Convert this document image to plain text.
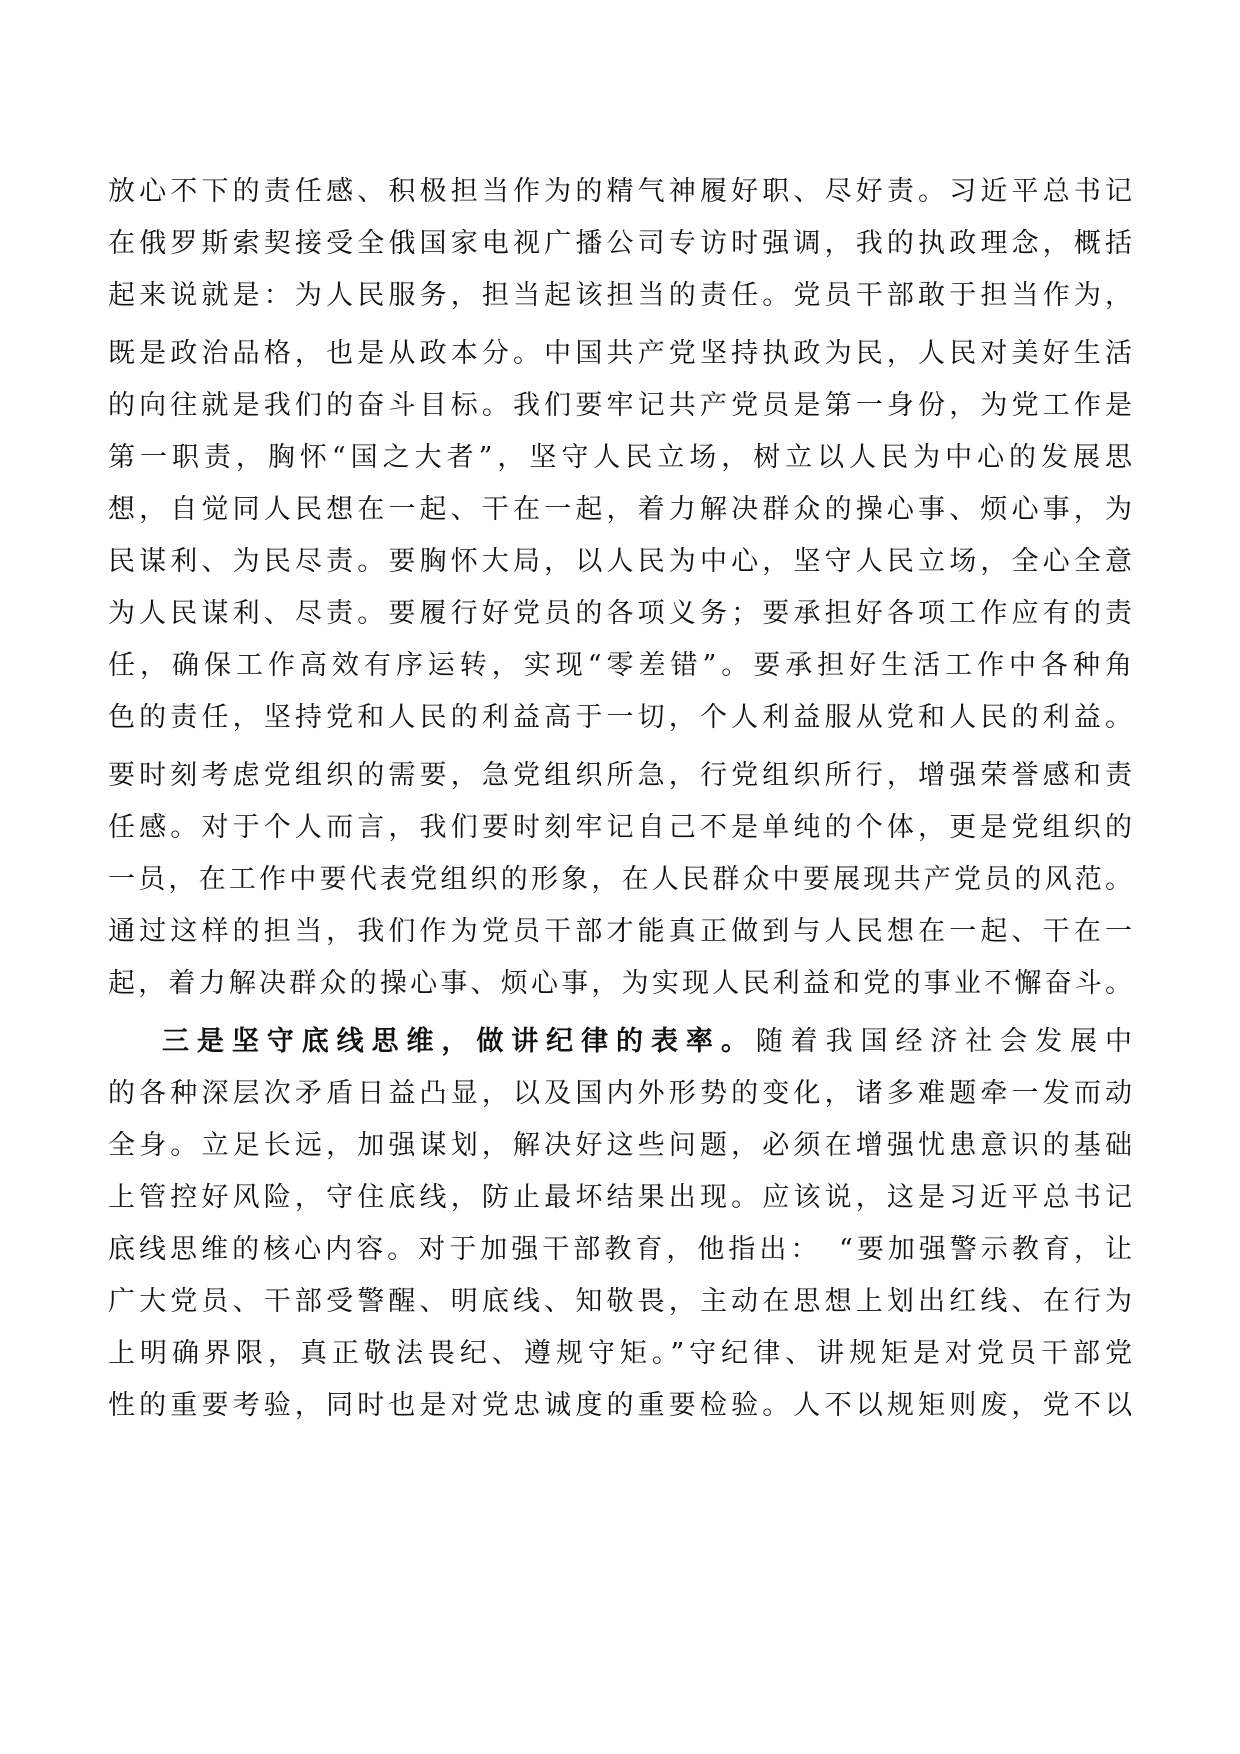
放心不下的责任感、积极担当作为的精气神履好职、尽好责。习近平总书记
在俄罗斯索契接受全俄国家电视广播公司专访时强调，我的执政理念，概括
起来说就是：为人民服务，担当起该担当的责任。党员干部敢于担当作为，
既是政治品格，也是从政本分。中国共产党坚持执政为民，人民对美好生活
的向往就是我们的奋斗目标。我们要牢记共产党员是第一身份，为党工作是
第一职责，胸怀“国之大者”，坚守人民立场，树立以人民为中心的发展思
想，自觉同人民想在一起、干在一起，着力解决群众的操心事、烦心事，为
民谋利、为民尽责。要胸怀大局，以人民为中心，坚守人民立场，全心全意
为人民谋利、尽责。要履行好党员的各项义务；要承担好各项工作应有的责
任，确保工作高效有序运转，实现“零差错”。要承担好生活工作中各种角
色的责任，坚持党和人民的利益高于一切，个人利益服从党和人民的利益。
要时刻考虑党组织的需要，急党组织所急，行党组织所行，增强荣誉感和责
任感。对于个人而言，我们要时刻牢记自己不是单纯的个体，更是党组织的
一员，在工作中要代表党组织的形象，在人民群众中要展现共产党员的风范。
通过这样的担当，我们作为党员干部才能真正做到与人民想在一起、干在一
起，着力解决群众的操心事、烦心事，为实现人民利益和党的事业不懈奋斗。
三是坚守底线思维，做讲纪律的表率。随着我国经济社会发展中
的各种深层次矛盾日益凸显，以及国内外形势的变化，诸多难题牵一发而动
全身。立足长远，加强谋划，解决好这些问题，必须在增强忧患意识的基础
上管控好风险，守住底线，防止最坏结果出现。应该说，这是习近平总书记
底线思维的核心内容。对于加强干部教育，他指出：　“要加强警示教育，让
广大党员、干部受警醒、明底线、知敬畏，主动在思想上划出红线、在行为
上明确界限，真正敬法畏纪、遵规守矩。”守纪律、讲规矩是对党员干部党
性的重要考验，同时也是对党忠诚度的重要检验。人不以规矩则废，党不以
